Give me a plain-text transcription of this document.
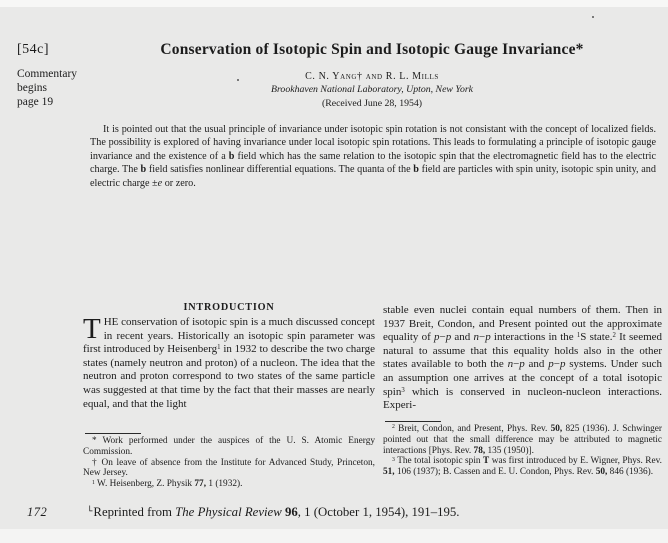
[54c]
Commentary
begins
page 19
Conservation of Isotopic Spin and Isotopic Gauge Invariance*
C. N. Yang† and R. L. Mills
Brookhaven National Laboratory, Upton, New York
(Received June 28, 1954)
It is pointed out that the usual principle of invariance under isotopic spin rotation is not consistant with the concept of localized fields. The possibility is explored of having invariance under local isotopic spin rotations. This leads to formulating a principle of isotopic gauge invariance and the existence of a b field which has the same relation to the isotopic spin that the electromagnetic field has to the electric charge. The b field satisfies nonlinear differential equations. The quanta of the b field are particles with spin unity, isotopic spin unity, and electric charge ±e or zero.
INTRODUCTION

THE conservation of isotopic spin is a much discussed concept in recent years. Historically an isotopic spin parameter was first introduced by Heisenberg$^1$ in 1932 to describe the two charge states (namely neutron and proton) of a nucleon. The idea that the neutron and proton correspond to two states of the same particle was suggested at that time by the fact that their masses are nearly equal, and that the light

stable even nuclei contain equal numbers of them. Then in 1937 Breit, Condon, and Present pointed out the approximate equality of p−p and n−p interactions in the $^1$S state.$^2$ It seemed natural to assume that this equality holds also in the other states available to both the n−p and p−p systems. Under such an assumption one arrives at the concept of a total isotopic spin$^3$ which is conserved in nucleon-nucleon interactions. Experi-

* Work performed under the auspices of the U. S. Atomic Energy Commission.

† On leave of absence from the Institute for Advanced Study, Princeton, New Jersey.

$^1$ W. Heisenberg, Z. Physik 77, 1 (1932).

$^2$ Breit, Condon, and Present, Phys. Rev. 50, 825 (1936). J. Schwinger pointed out that the small difference may be attributed to magnetic interactions [Phys. Rev. 78, 135 (1950)].

$^3$ The total isotopic spin T was first introduced by E. Wigner, Phys. Rev. 51, 106 (1937); B. Cassen and E. U. Condon, Phys. Rev. 50, 846 (1936).

172	└Reprinted from The Physical Review 96, 1 (October 1, 1954), 191–195.
